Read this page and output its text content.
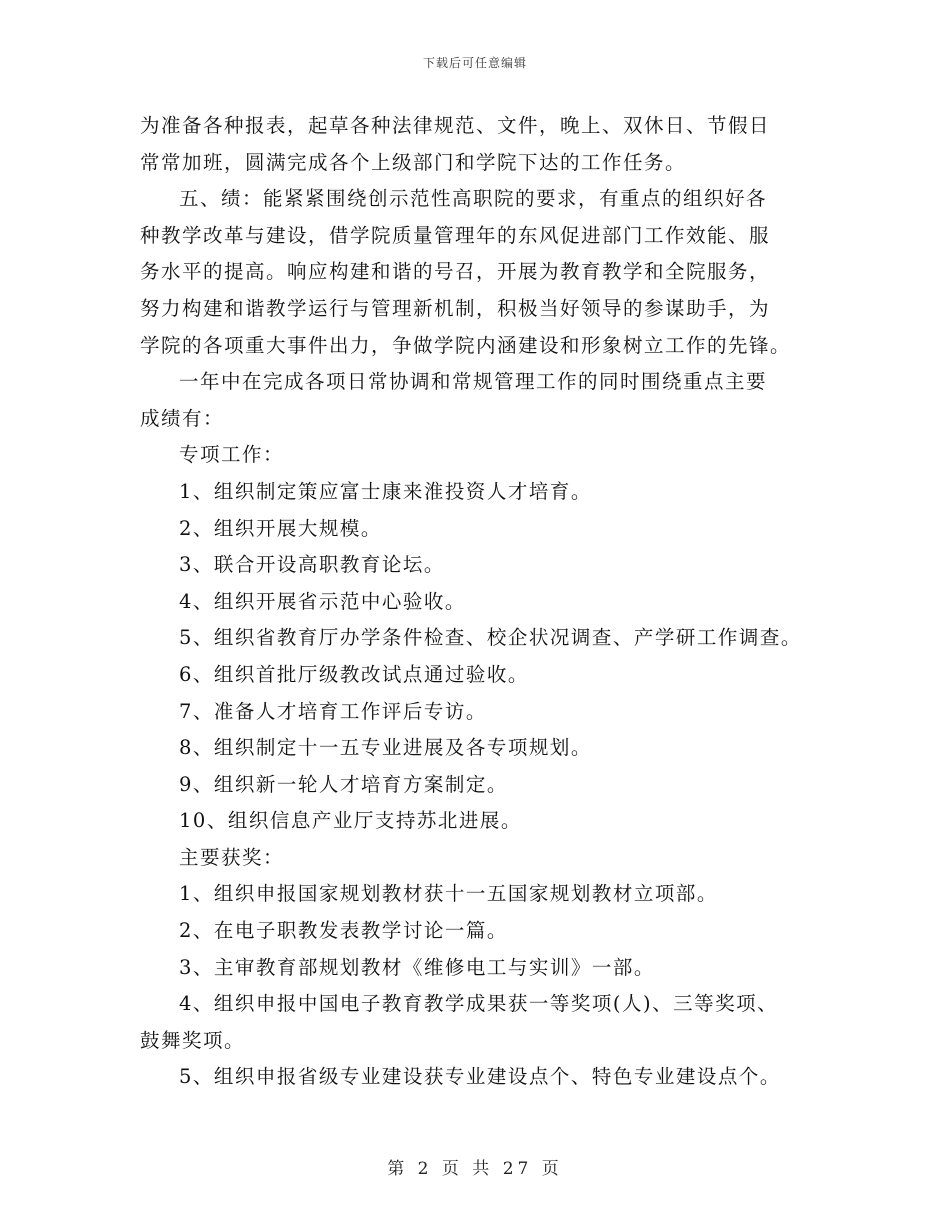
下载后可任意编辑

为准备各种报表，起草各种法律规范、文件，晚上、双休日、节假日

常常加班，圆满完成各个上级部门和学院下达的工作任务。

五、绩：能紧紧围绕创示范性高职院的要求，有重点的组织好各

种教学改革与建设，借学院质量管理年的东风促进部门工作效能、服

务水平的提高。响应构建和谐的号召，开展为教育教学和全院服务，

努力构建和谐教学运行与管理新机制，积极当好领导的参谋助手，为

学院的各项重大事件出力，争做学院内涵建设和形象树立工作的先锋。

一年中在完成各项日常协调和常规管理工作的同时围绕重点主要

成绩有：

专项工作：

1、组织制定策应富士康来淮投资人才培育。

2、组织开展大规模。

3、联合开设高职教育论坛。

4、组织开展省示范中心验收。

5、组织省教育厅办学条件检查、校企状况调查、产学研工作调查。

6、组织首批厅级教改试点通过验收。

7、准备人才培育工作评后专访。

8、组织制定十一五专业进展及各专项规划。

9、组织新一轮人才培育方案制定。

10、组织信息产业厅支持苏北进展。

主要获奖：

1、组织申报国家规划教材获十一五国家规划教材立项部。

2、在电子职教发表教学讨论一篇。

3、主审教育部规划教材《维修电工与实训》一部。

4、组织申报中国电子教育教学成果获一等奖项(人)、三等奖项、

鼓舞奖项。

5、组织申报省级专业建设获专业建设点个、特色专业建设点个。

第 2 页 共 27 页
